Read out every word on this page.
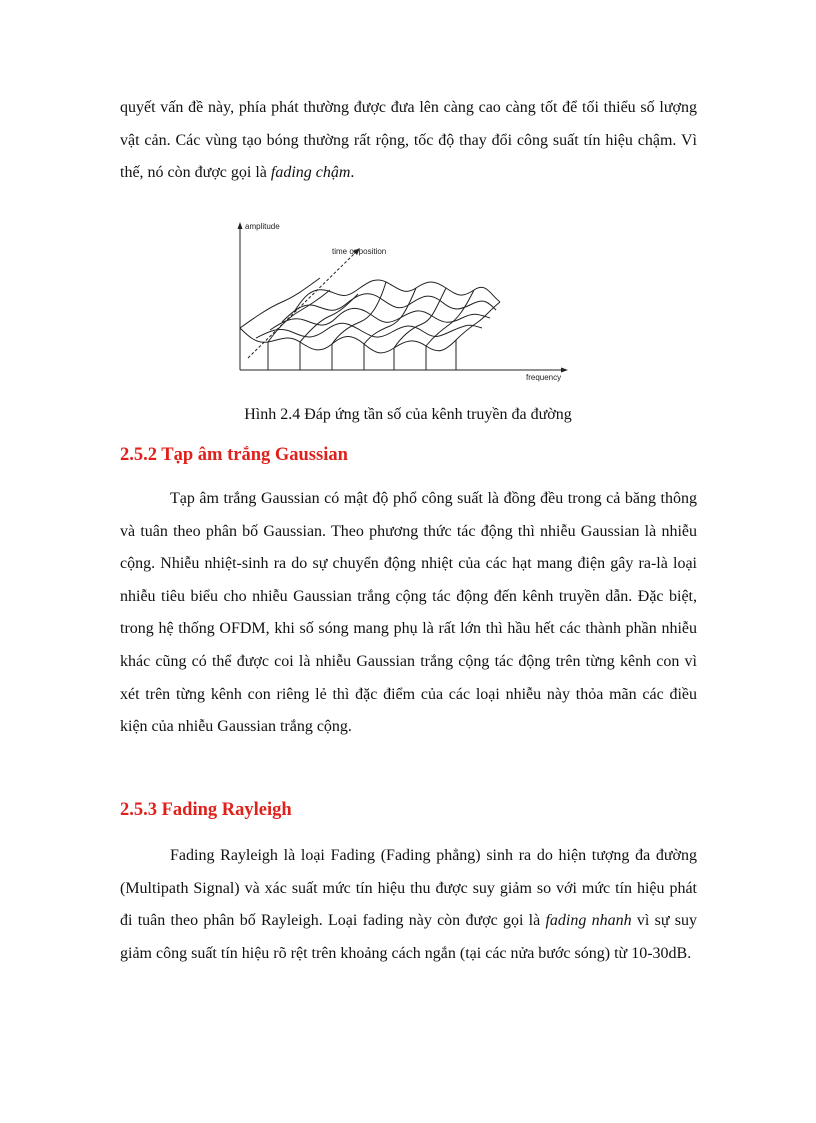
quyết vấn đề này, phía phát thường được đưa lên càng cao càng tốt để tối thiểu số lượng
vật cản. Các vùng tạo bóng thường rất rộng, tốc độ thay đổi công suất tín hiệu chậm. Vì
thế, nó còn được gọi là fading chậm.

amplitude
time or position
frequency

Hình 2.4 Đáp ứng tần số của kênh truyền đa đường

2.5.2 Tạp âm trắng Gaussian

Tạp âm trắng Gaussian có mật độ phổ công suất là đồng đều trong cả băng thông
và tuân theo phân bố Gaussian. Theo phương thức tác động thì nhiễu Gaussian là nhiễu
cộng. Nhiễu nhiệt-sinh ra do sự chuyển động nhiệt của các hạt mang điện gây ra-là loại
nhiễu tiêu biểu cho nhiễu Gaussian trắng cộng tác động đến kênh truyền dẫn. Đặc biệt,
trong hệ thống OFDM, khi số sóng mang phụ là rất lớn thì hầu hết các thành phần nhiễu
khác cũng có thể được coi là nhiễu Gaussian trắng cộng tác động trên từng kênh con vì
xét trên từng kênh con riêng lẻ thì đặc điểm của các loại nhiễu này thỏa mãn các điều
kiện của nhiễu Gaussian trắng cộng.

2.5.3 Fading Rayleigh

Fading Rayleigh là loại Fading (Fading phẳng) sinh ra do hiện tượng đa đường
(Multipath Signal) và xác suất mức tín hiệu thu được suy giảm so với mức tín hiệu phát
đi tuân theo phân bố Rayleigh. Loại fading này còn được gọi là fading nhanh vì sự suy
giảm công suất tín hiệu rõ rệt trên khoảng cách ngắn (tại các nửa bước sóng) từ 10-30dB.
